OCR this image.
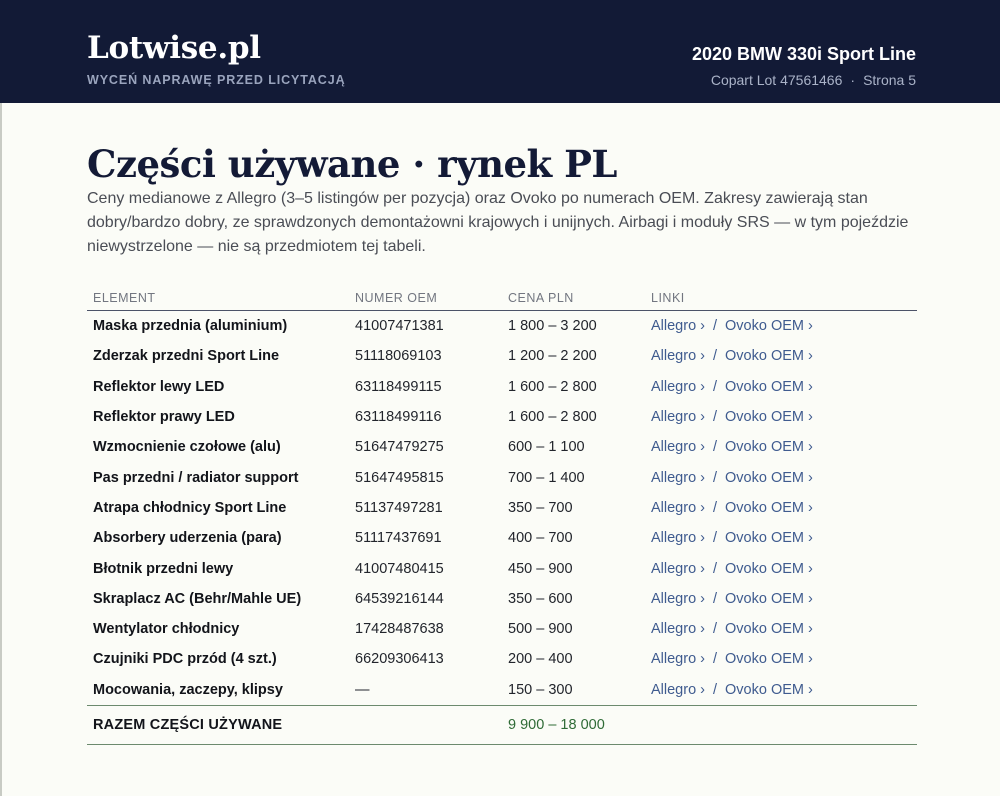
Lotwise.pl
WYCEŃ NAPRAWĘ PRZED LICYTACJĄ
2020 BMW 330i Sport Line
Copart Lot 47561466 · Strona 5
Części używane · rynek PL

Ceny medianowe z Allegro (3–5 listingów per pozycja) oraz Ovoko po numerach OEM. Zakresy zawierają stan dobry/bardzo dobry, ze sprawdzonych demontażowni krajowych i unijnych. Airbagi i moduły SRS — w tym pojeździe niewystrzelone — nie są przedmiotem tej tabeli.

ELEMENT	NUMER OEM	CENA PLN	LINKI
Maska przednia (aluminium)	41007471381	1 800 – 3 200	Allegro › / Ovoko OEM ›
Zderzak przedni Sport Line	51118069103	1 200 – 2 200	Allegro › / Ovoko OEM ›
Reflektor lewy LED	63118499115	1 600 – 2 800	Allegro › / Ovoko OEM ›
Reflektor prawy LED	63118499116	1 600 – 2 800	Allegro › / Ovoko OEM ›
Wzmocnienie czołowe (alu)	51647479275	600 – 1 100	Allegro › / Ovoko OEM ›
Pas przedni / radiator support	51647495815	700 – 1 400	Allegro › / Ovoko OEM ›
Atrapa chłodnicy Sport Line	51137497281	350 – 700	Allegro › / Ovoko OEM ›
Absorbery uderzenia (para)	51117437691	400 – 700	Allegro › / Ovoko OEM ›
Błotnik przedni lewy	41007480415	450 – 900	Allegro › / Ovoko OEM ›
Skraplacz AC (Behr/Mahle UE)	64539216144	350 – 600	Allegro › / Ovoko OEM ›
Wentylator chłodnicy	17428487638	500 – 900	Allegro › / Ovoko OEM ›
Czujniki PDC przód (4 szt.)	66209306413	200 – 400	Allegro › / Ovoko OEM ›
Mocowania, zaczepy, klipsy	—	150 – 300	Allegro › / Ovoko OEM ›
RAZEM CZĘŚCI UŻYWANE		9 900 – 18 000	
